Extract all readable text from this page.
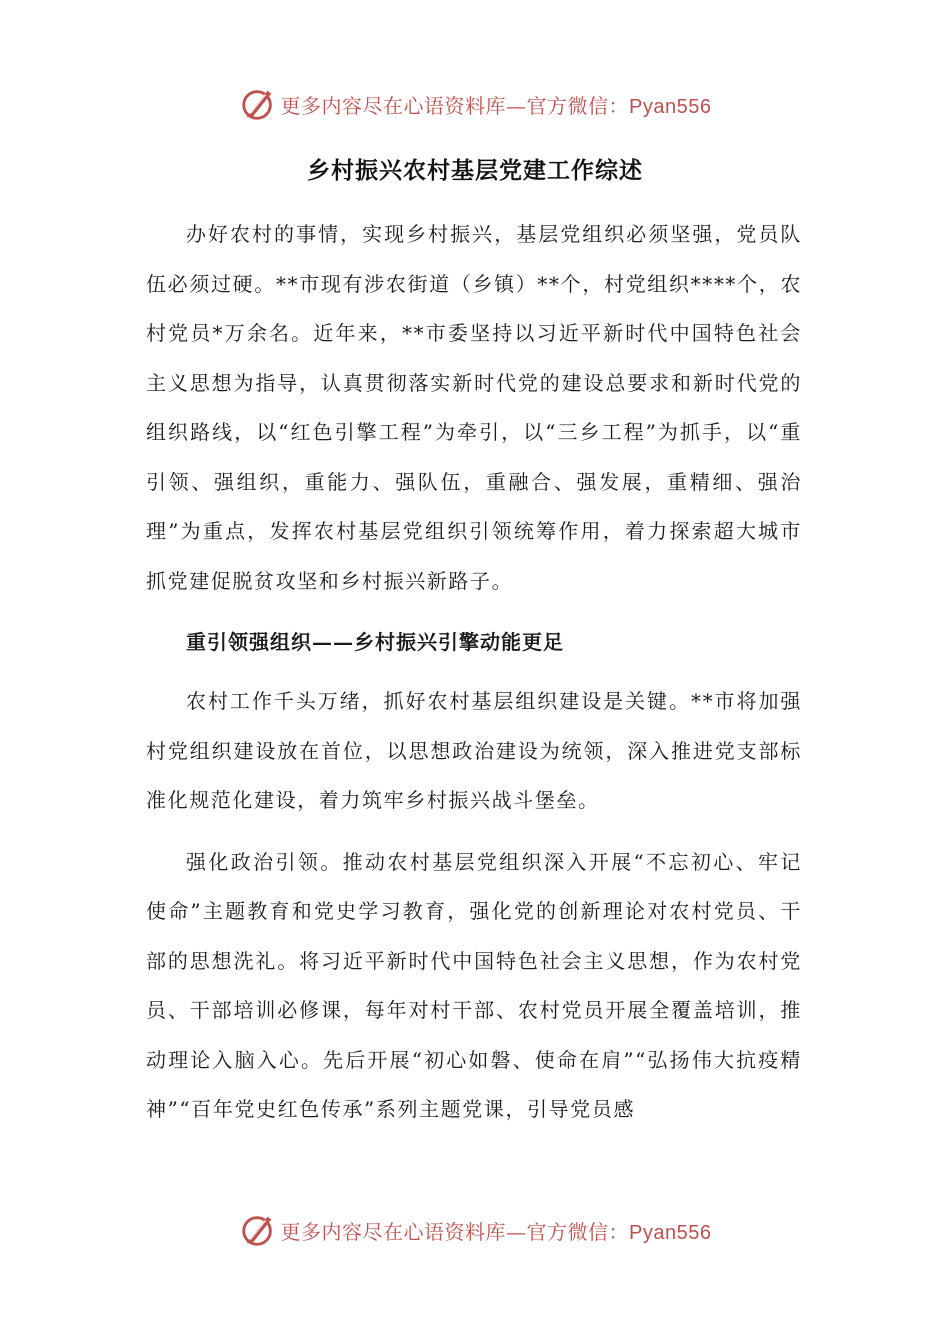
更多内容尽在心语资料库—官方微信：Pyan556
乡村振兴农村基层党建工作综述

办好农村的事情，实现乡村振兴，基层党组织必须坚强，党员队伍必须过硬。**市现有涉农街道（乡镇）**个，村党组织****个，农村党员*万余名。近年来，**市委坚持以习近平新时代中国特色社会主义思想为指导，认真贯彻落实新时代党的建设总要求和新时代党的组织路线，以“红色引擎工程”为牵引，以“三乡工程”为抓手，以“重引领、强组织，重能力、强队伍，重融合、强发展，重精细、强治理”为重点，发挥农村基层党组织引领统筹作用，着力探索超大城市抓党建促脱贫攻坚和乡村振兴新路子。

重引领强组织——乡村振兴引擎动能更足

农村工作千头万绪，抓好农村基层组织建设是关键。**市将加强村党组织建设放在首位，以思想政治建设为统领，深入推进党支部标准化规范化建设，着力筑牢乡村振兴战斗堡垒。

强化政治引领。推动农村基层党组织深入开展“不忘初心、牢记使命”主题教育和党史学习教育，强化党的创新理论对农村党员、干部的思想洗礼。将习近平新时代中国特色社会主义思想，作为农村党员、干部培训必修课，每年对村干部、农村党员开展全覆盖培训，推动理论入脑入心。先后开展“初心如磐、使命在肩”“弘扬伟大抗疫精神”“百年党史红色传承”系列主题党课，引导党员感

更多内容尽在心语资料库—官方微信：Pyan556
